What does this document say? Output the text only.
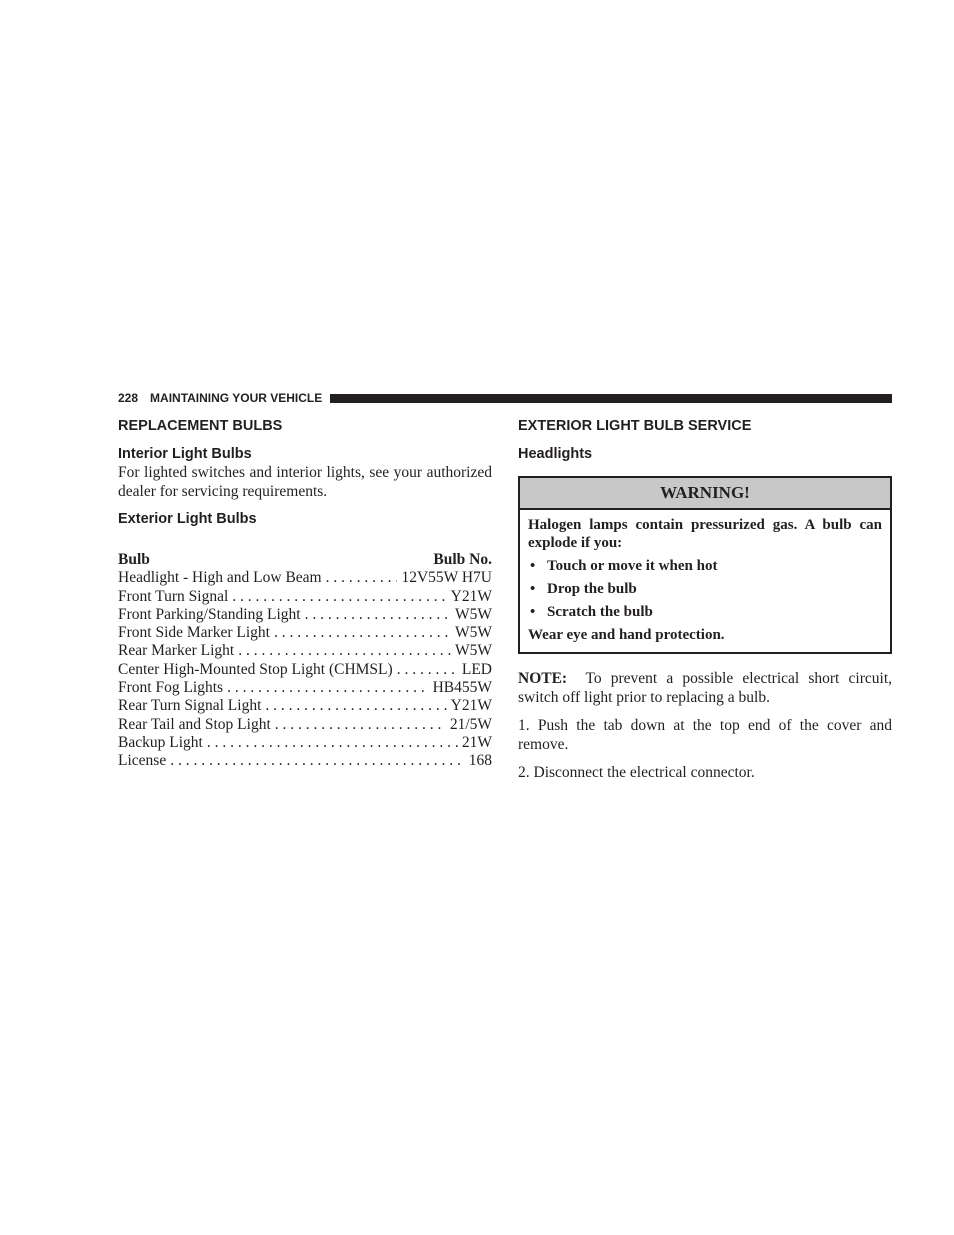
228 MAINTAINING YOUR VEHICLE
REPLACEMENT BULBS
Interior Light Bulbs

For lighted switches and interior lights, see your authorized dealer for servicing requirements.

Exterior Light Bulbs
Bulb	Bulb No.
Headlight - High and Low Beam . . .	12V55W H7U
Front Turn Signal . . .	Y21W
Front Parking/Standing Light . . .	W5W
Front Side Marker Light . . .	W5W
Rear Marker Light . . .	W5W
Center High-Mounted Stop Light (CHMSL) . . .	LED
Front Fog Lights . . .	HB455W
Rear Turn Signal Light . . .	Y21W
Rear Tail and Stop Light . . .	21/5W
Backup Light . . .	21W
License . . .	168
EXTERIOR LIGHT BULB SERVICE
Headlights
WARNING!
Halogen lamps contain pressurized gas. A bulb can explode if you:
• Touch or move it when hot
• Drop the bulb
• Scratch the bulb
Wear eye and hand protection.

NOTE: To prevent a possible electrical short circuit, switch off light prior to replacing a bulb.

1. Push the tab down at the top end of the cover and remove.

2. Disconnect the electrical connector.
